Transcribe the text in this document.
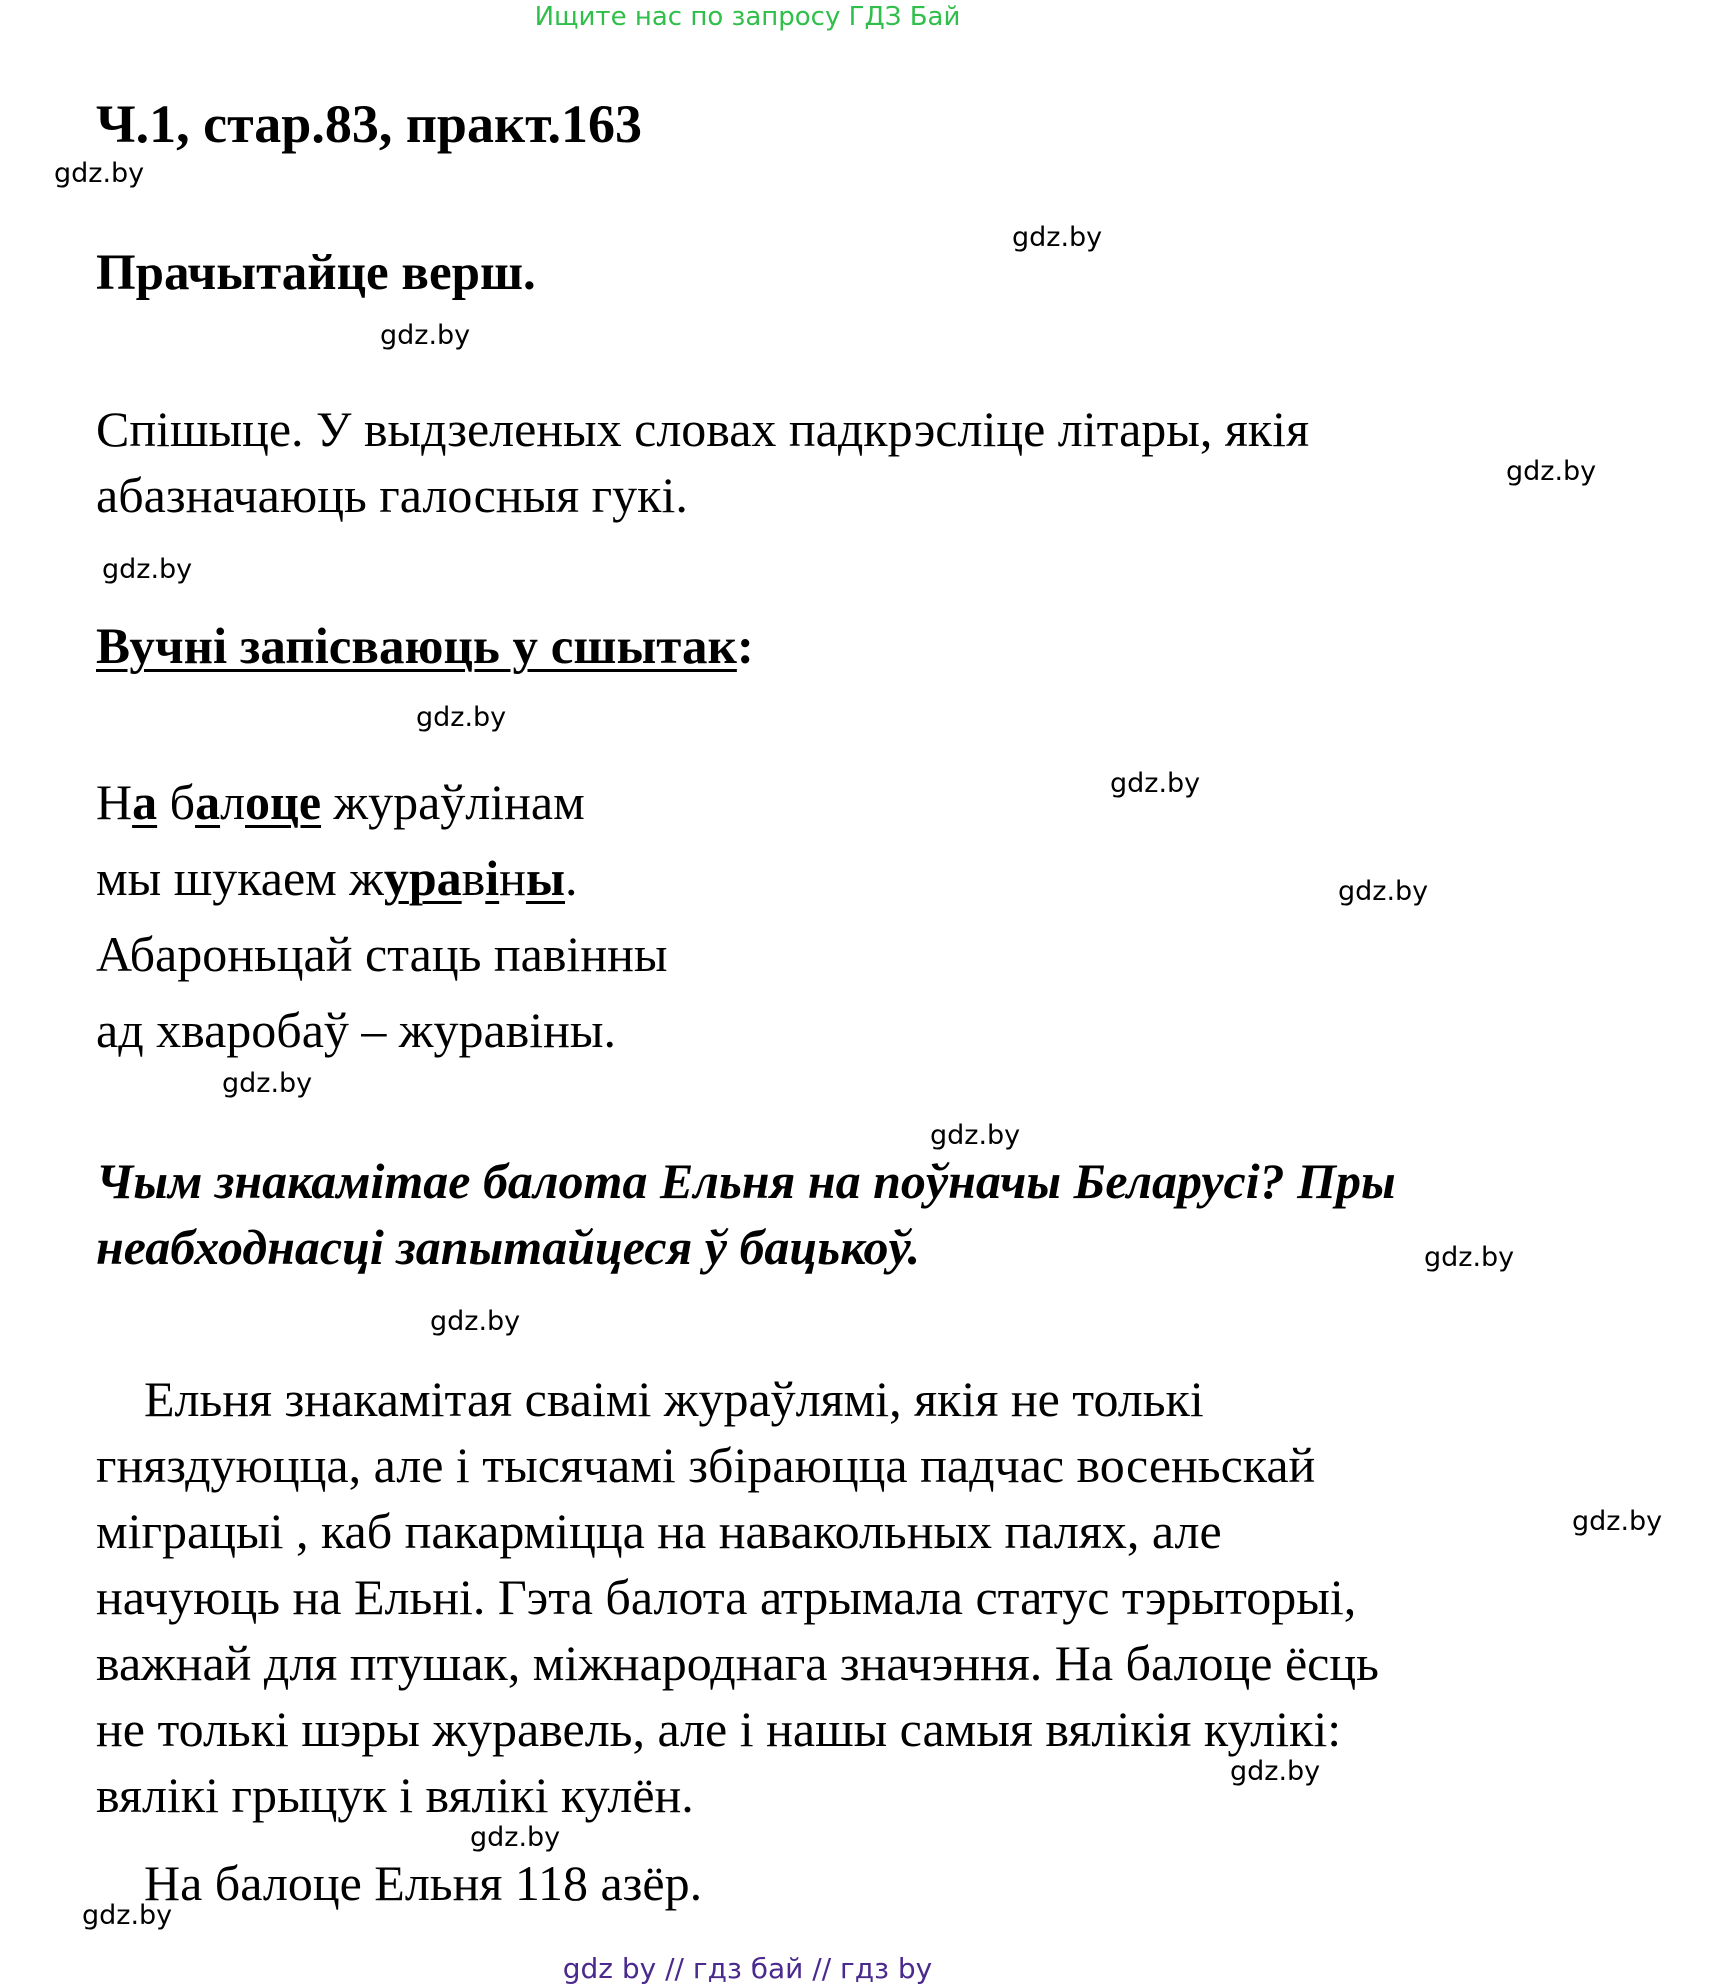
Ищите нас по запросу ГДЗ Бай
Ч.1, стар.83, практ.163
gdz.by
gdz.by
Прачытайце верш.
gdz.by
Спішыце. У выдзеленых словах падкрэсліце літары, якія
абазначаюць галосныя гукі.	gdz.by
gdz.by
Вучні запісваюць у сшытак:
gdz.by
На балоце жураўлінам
мы шукаем журавіны.
Абароньцай стаць павінны
ад хваробаў – журавіны.
gdz.by
gdz.by
gdz.by
gdz.by
Чым знакамітае балота Ельня на поўначы Беларусі? Пры
неабходнасці запытайцеся ў бацькоў.	gdz.by
gdz.by
Ельня знакамітая сваімі жураўлямі, якія не толькі
гняздуюцца, але і тысячамі збіраюцца падчас восеньскай
міграцыі , каб пакарміцца на навакольных палях, але
начуюць на Ельні. Гэта балота атрымала статус тэрыторыі,
важнай для птушак, міжнароднага значэння. На балоце ёсць
не толькі шэры журавель, але і нашы самыя вялікія кулікі:
вялікі грыцук і вялікі кулён.
gdz.by
gdz.by
gdz.by
На балоце Ельня 118 азёр.
gdz.by
gdz by // гдз бай // гдз by
